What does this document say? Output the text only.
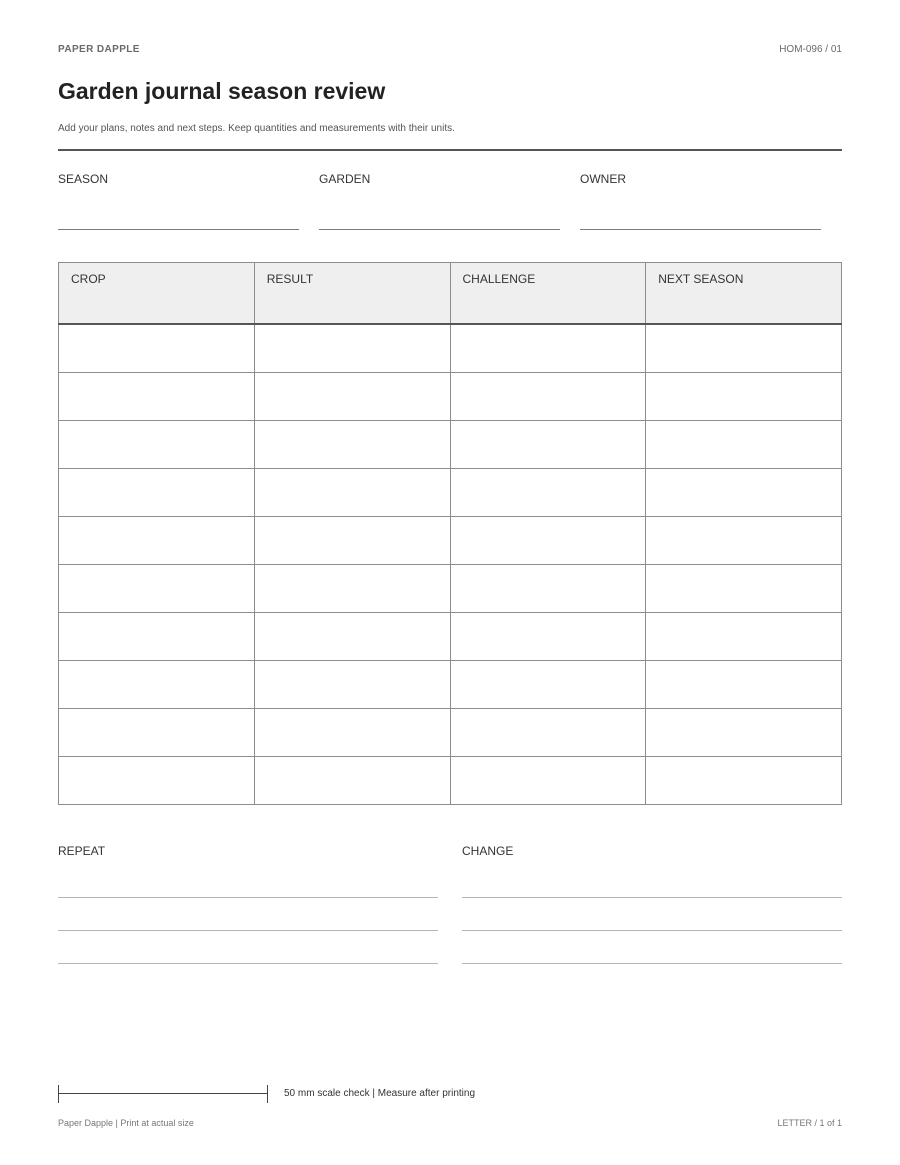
PAPER DAPPLE	HOM-096 / 01
Garden journal season review
Add your plans, notes and next steps. Keep quantities and measurements with their units.
SEASON	GARDEN	OWNER
CROP	RESULT	CHALLENGE	NEXT SEASON

REPEAT	CHANGE
50 mm scale check | Measure after printing
Paper Dapple | Print at actual size	LETTER / 1 of 1
